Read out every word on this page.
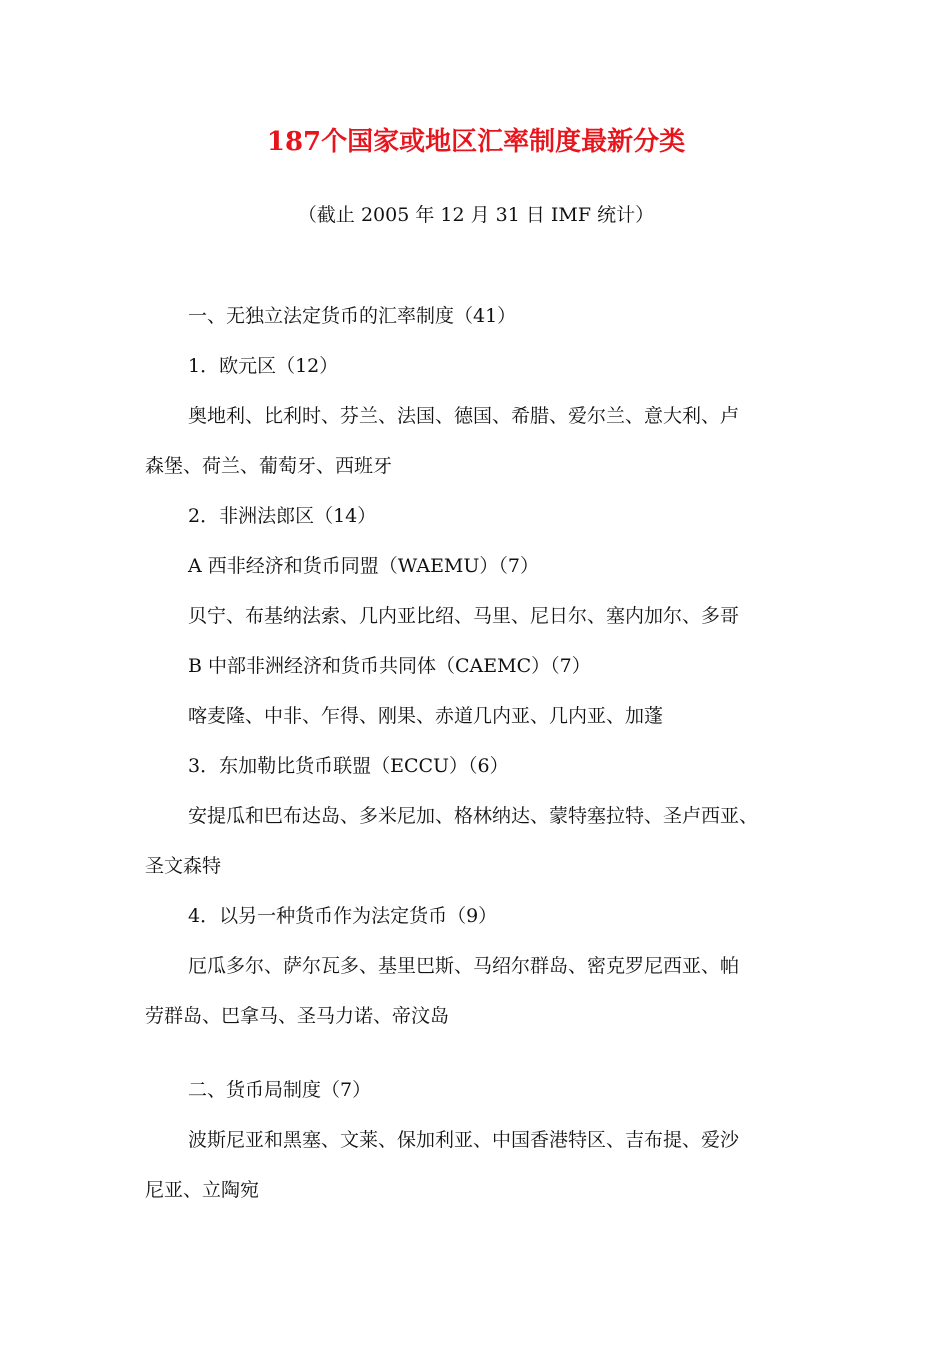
187个国家或地区汇率制度最新分类
（截止 2005 年 12 月 31 日 IMF 统计）
一、无独立法定货币的汇率制度（41）
1．欧元区（12）
奥地利、比利时、芬兰、法国、德国、希腊、爱尔兰、意大利、卢
森堡、荷兰、葡萄牙、西班牙
2．非洲法郎区（14）
A 西非经济和货币同盟（WAEMU）（7）
贝宁、布基纳法索、几内亚比绍、马里、尼日尔、塞内加尔、多哥
B 中部非洲经济和货币共同体（CAEMC）（7）
喀麦隆、中非、乍得、刚果、赤道几内亚、几内亚、加蓬
3．东加勒比货币联盟（ECCU）（6）
安提瓜和巴布达岛、多米尼加、格林纳达、蒙特塞拉特、圣卢西亚、
圣文森特
4．以另一种货币作为法定货币（9）
厄瓜多尔、萨尔瓦多、基里巴斯、马绍尔群岛、密克罗尼西亚、帕
劳群岛、巴拿马、圣马力诺、帝汶岛
二、货币局制度（7）
波斯尼亚和黑塞、文莱、保加利亚、中国香港特区、吉布提、爱沙
尼亚、立陶宛
